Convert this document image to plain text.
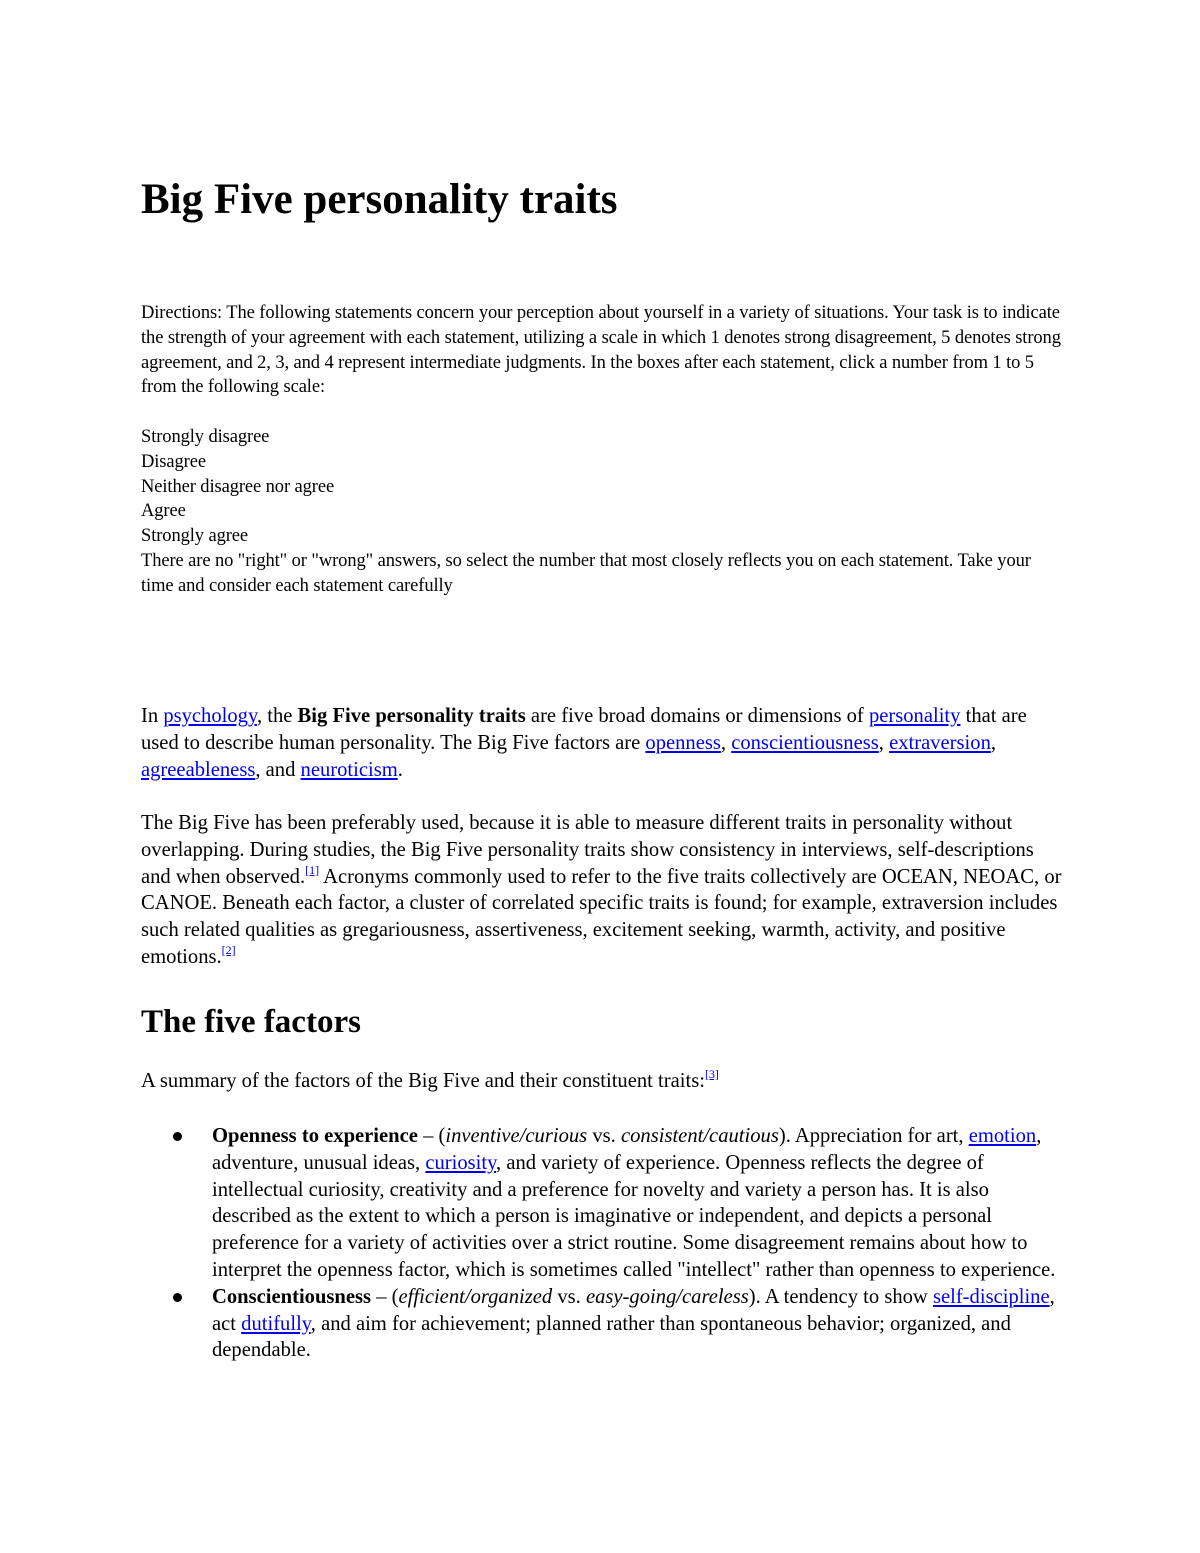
Big Five personality traits

Directions: The following statements concern your perception about yourself in a variety of situations. Your task is to indicate the strength of your agreement with each statement, utilizing a scale in which 1 denotes strong disagreement, 5 denotes strong agreement, and 2, 3, and 4 represent intermediate judgments. In the boxes after each statement, click a number from 1 to 5 from the following scale:

Strongly disagree
Disagree
Neither disagree nor agree
Agree
Strongly agree

There are no "right" or "wrong" answers, so select the number that most closely reflects you on each statement. Take your time and consider each statement carefully

In psychology, the Big Five personality traits are five broad domains or dimensions of personality that are used to describe human personality. The Big Five factors are openness, conscientiousness, extraversion, agreeableness, and neuroticism.

The Big Five has been preferably used, because it is able to measure different traits in personality without overlapping. During studies, the Big Five personality traits show consistency in interviews, self-descriptions and when observed.[1] Acronyms commonly used to refer to the five traits collectively are OCEAN, NEOAC, or CANOE. Beneath each factor, a cluster of correlated specific traits is found; for example, extraversion includes such related qualities as gregariousness, assertiveness, excitement seeking, warmth, activity, and positive emotions.[2]

The five factors

A summary of the factors of the Big Five and their constituent traits:[3]

Openness to experience – (inventive/curious vs. consistent/cautious). Appreciation for art, emotion, adventure, unusual ideas, curiosity, and variety of experience. Openness reflects the degree of intellectual curiosity, creativity and a preference for novelty and variety a person has. It is also described as the extent to which a person is imaginative or independent, and depicts a personal preference for a variety of activities over a strict routine. Some disagreement remains about how to interpret the openness factor, which is sometimes called "intellect" rather than openness to experience.
Conscientiousness – (efficient/organized vs. easy-going/careless). A tendency to show self-discipline, act dutifully, and aim for achievement; planned rather than spontaneous behavior; organized, and dependable.
